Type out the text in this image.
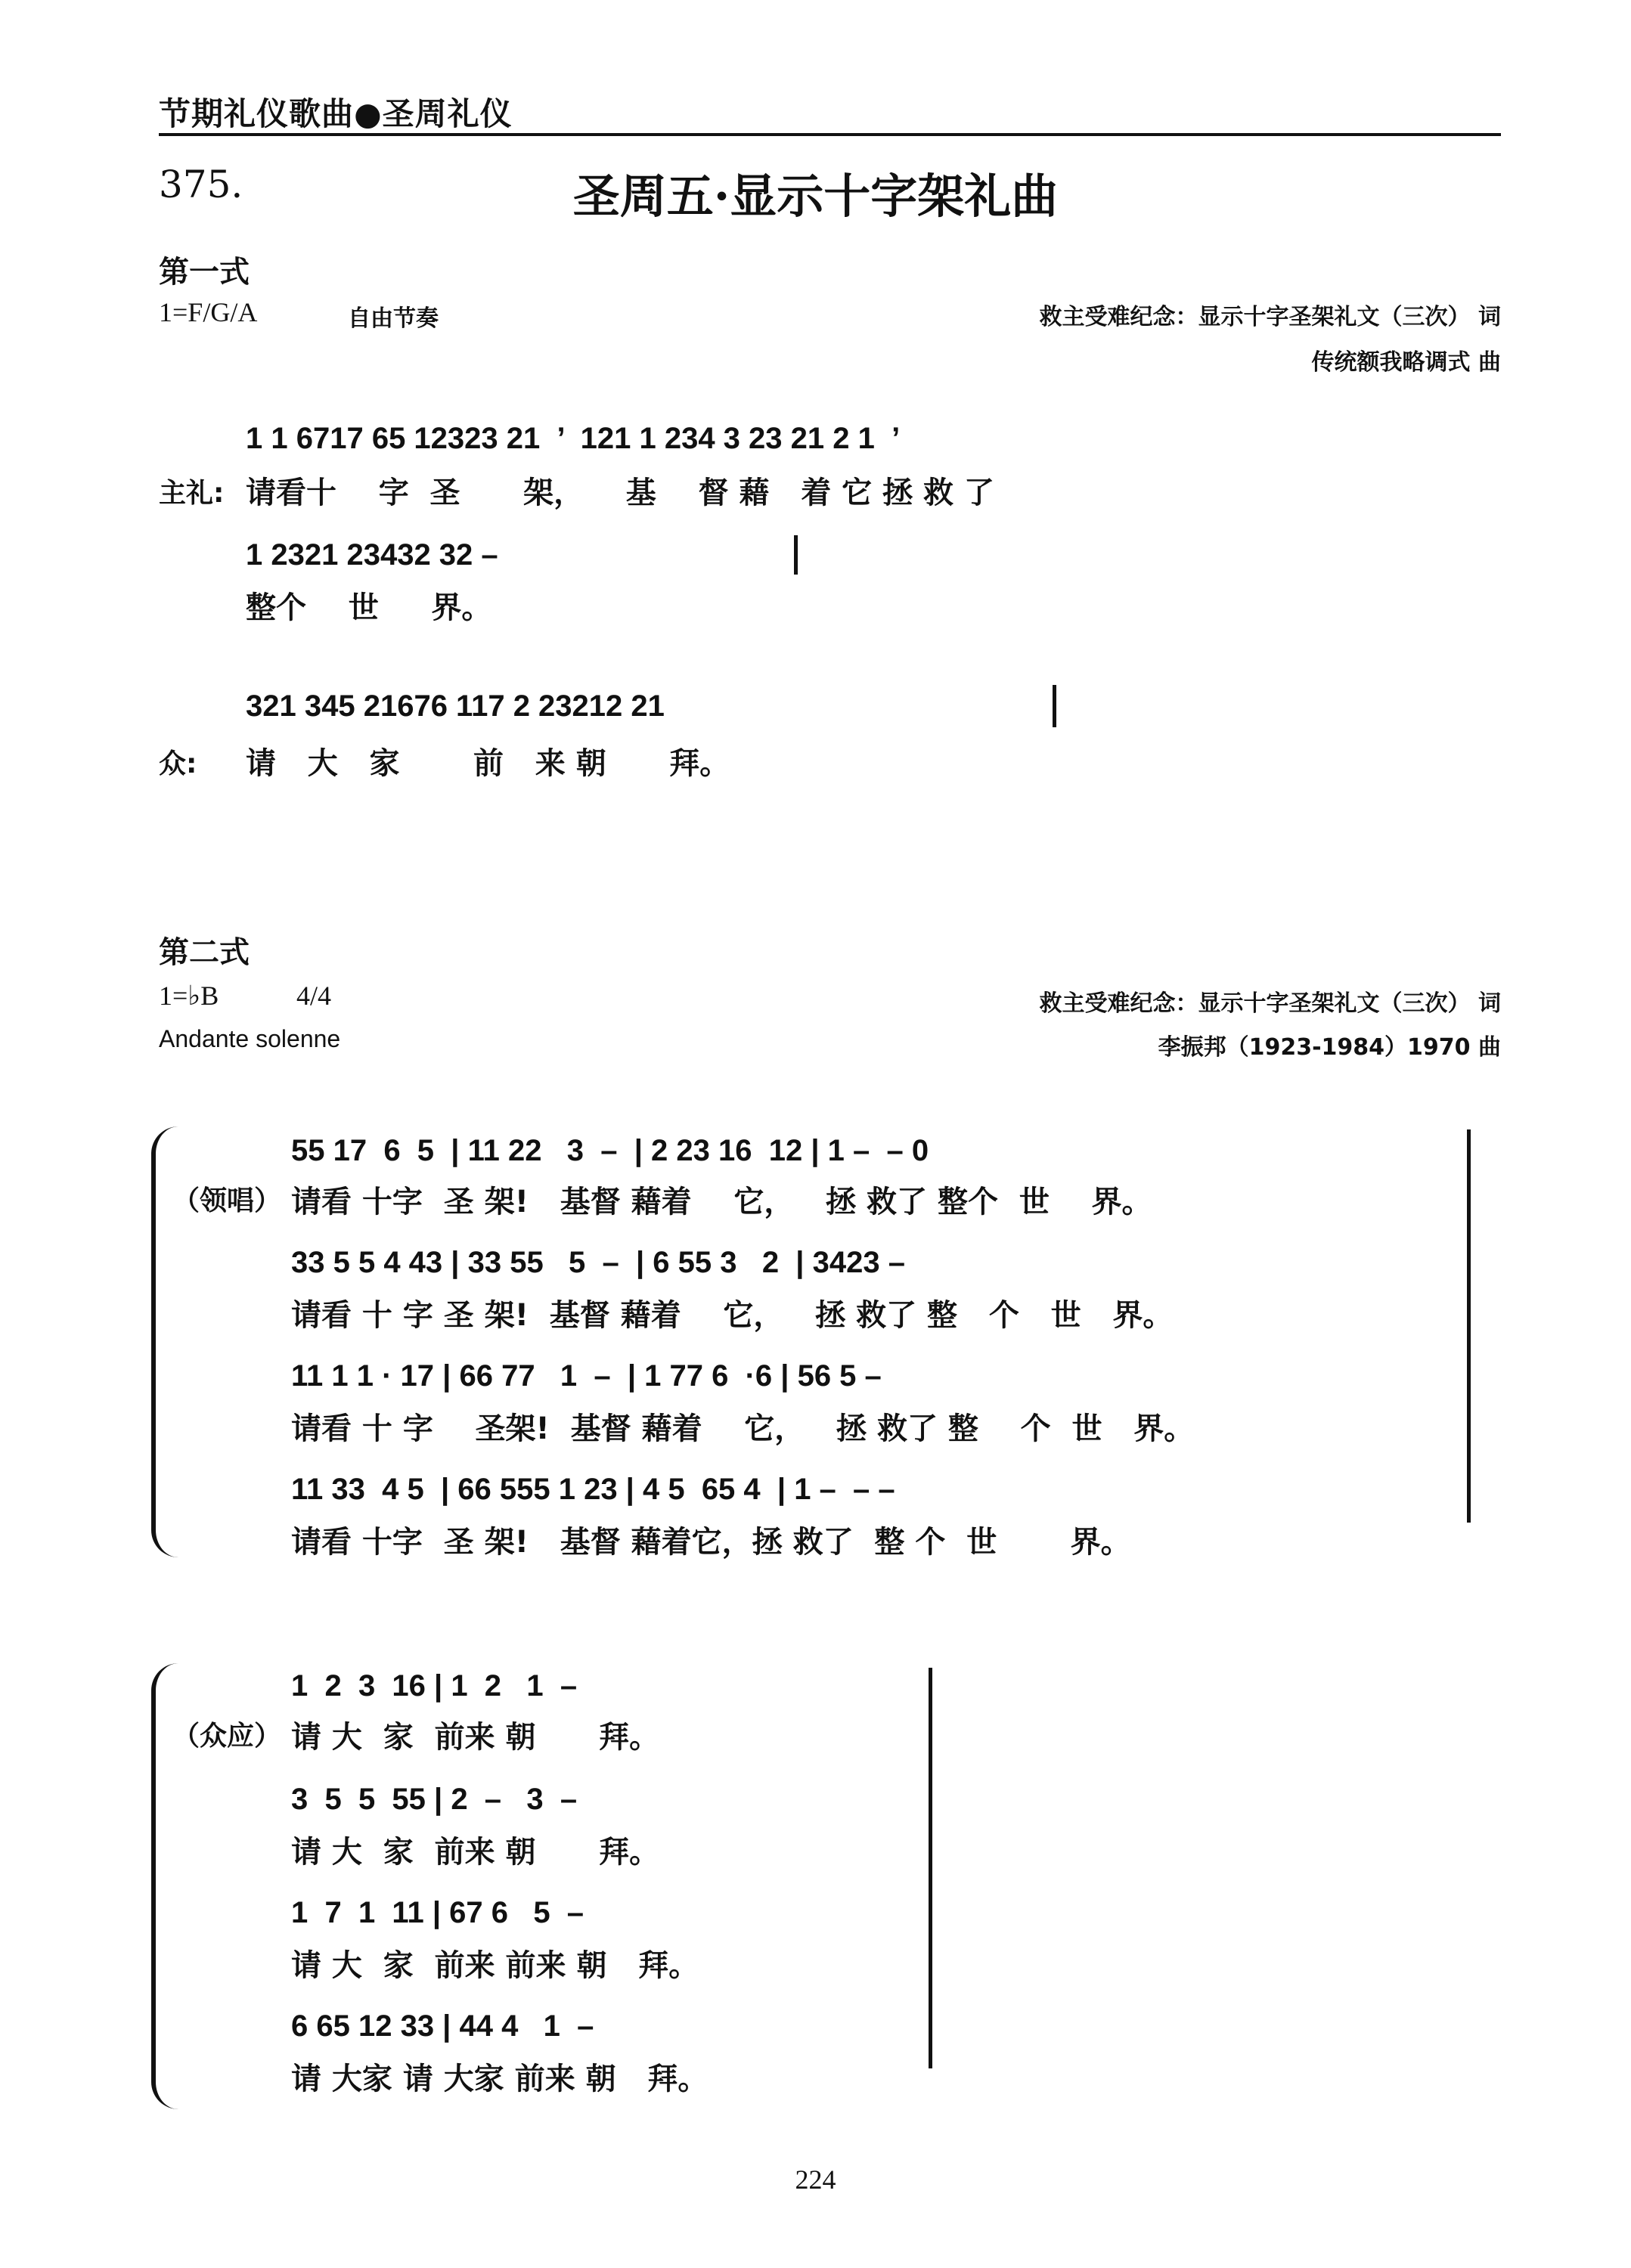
节期礼仪歌曲●圣周礼仪
375.	圣周五·显示十字架礼曲
第一式
1=F/G/A	自由节奏	救主受难纪念：显示十字圣架礼文（三次） 词
传统额我略调式 曲
1 1 6717 65 12323 21  ’  121 1 234 3 23 21 2 1  ’
主礼: 请看十    字  圣      架，    基    督 藉   着 它 拯 救 了
1 2321 23432 32 –
整个    世     界。
321 345 21676 117 2 23212 21
众: 请   大   家       前   来 朝      拜。
第二式
1=♭B	4/4	救主受难纪念：显示十字圣架礼文（三次） 词
Andante solenne	李振邦（1923-1984）1970 曲
（领唱）
55 17  6  5  | 11 22   3  –  | 2 23 16  12 | 1 –  – 0
请看 十字  圣 架!   基督 藉着    它，   拯 救了 整个  世    界。
33 5 5 4 43 | 33 55   5  –  | 6 55 3   2  | 3423 –
请看 十 字 圣 架!  基督 藉着    它，   拯 救了 整   个   世   界。
11 1 1 · 17 | 66 77   1  –  | 1 77 6  ·6 | 56 5 –
请看 十 字    圣架!  基督 藉着    它，   拯 救了 整    个  世   界。
11 33  4 5  | 66 555 1 23 | 4 5  65 4  | 1 –  – –
请看 十字  圣 架!   基督 藉着它，拯 救了  整 个  世       界。
（众应）
1  2  3  16 | 1  2   1  –
请 大  家  前来 朝      拜。
3  5  5  55 | 2  –   3  –
请 大  家  前来 朝      拜。
1  7  1  11 | 67 6   5  –
请 大  家  前来 前来 朝   拜。
6 65 12 33 | 44 4   1  –
请 大家 请 大家 前来 朝   拜。
224
